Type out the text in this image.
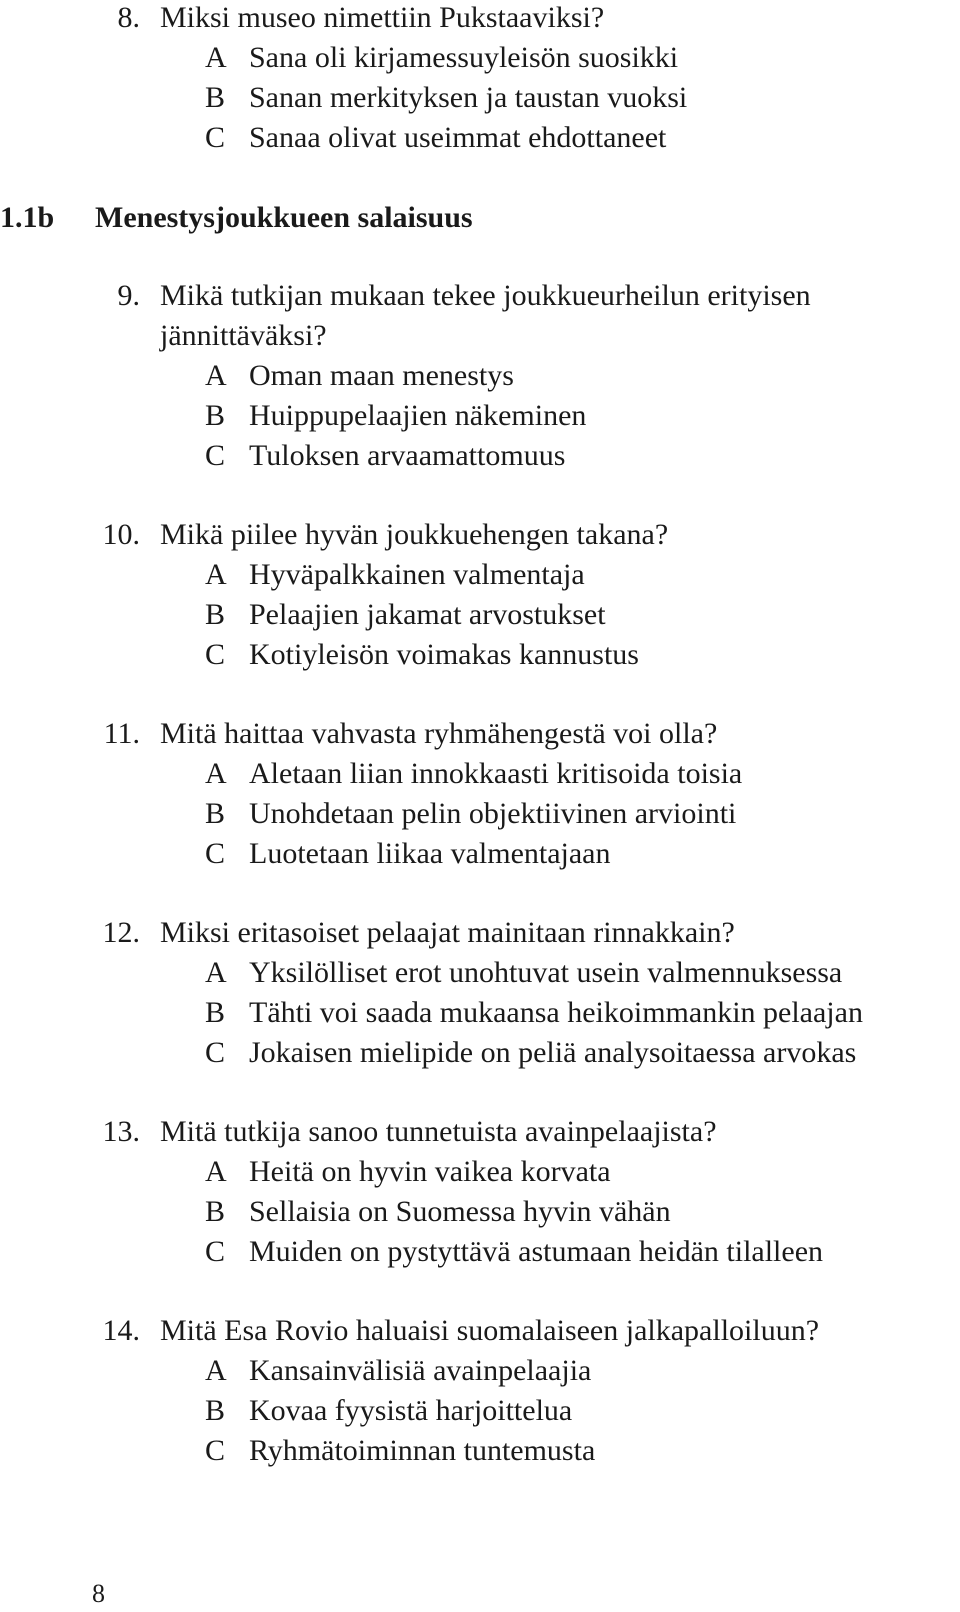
8. Miksi museo nimettiin Pukstaaviksi?
A Sana oli kirjamessuyleisön suosikki
B Sanan merkityksen ja taustan vuoksi
C Sanaa olivat useimmat ehdottaneet
1.1b Menestysjoukkueen salaisuus
9. Mikä tutkijan mukaan tekee joukkueurheilun erityisen
jännittäväksi?
A Oman maan menestys
B Huippupelaajien näkeminen
C Tuloksen arvaamattomuus
10. Mikä piilee hyvän joukkuehengen takana?
A Hyväpalkkainen valmentaja
B Pelaajien jakamat arvostukset
C Kotiyleisön voimakas kannustus
11. Mitä haittaa vahvasta ryhmähengestä voi olla?
A Aletaan liian innokkaasti kritisoida toisia
B Unohdetaan pelin objektiivinen arviointi
C Luotetaan liikaa valmentajaan
12. Miksi eritasoiset pelaajat mainitaan rinnakkain?
A Yksilölliset erot unohtuvat usein valmennuksessa
B Tähti voi saada mukaansa heikoimmankin pelaajan
C Jokaisen mielipide on peliä analysoitaessa arvokas
13. Mitä tutkija sanoo tunnetuista avainpelaajista?
A Heitä on hyvin vaikea korvata
B Sellaisia on Suomessa hyvin vähän
C Muiden on pystyttävä astumaan heidän tilalleen
14. Mitä Esa Rovio haluaisi suomalaiseen jalkapalloiluun?
A Kansainvälisiä avainpelaajia
B Kovaa fyysistä harjoittelua
C Ryhmätoiminnan tuntemusta
8
